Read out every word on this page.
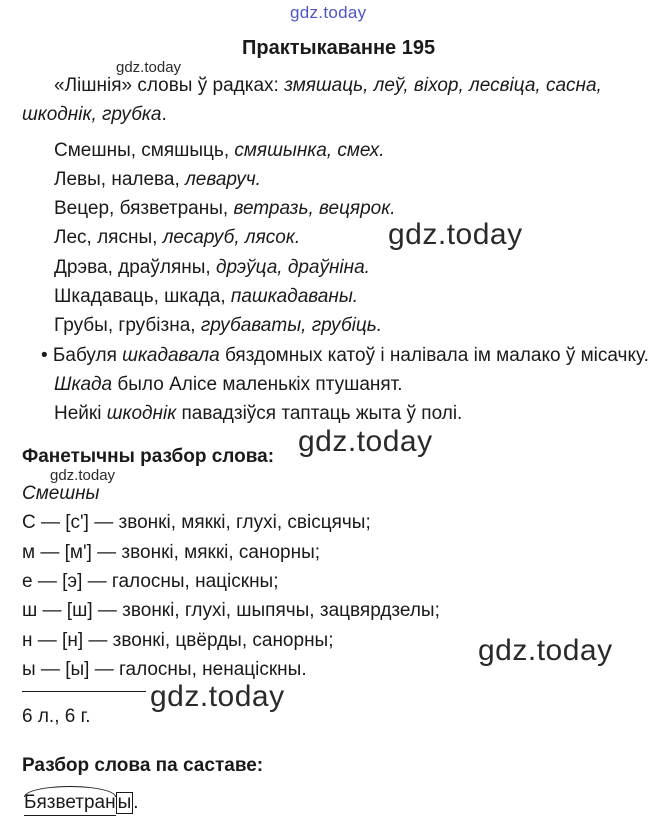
gdz.today
gdz.today
gdz.today
gdz.today
gdz.today
gdz.today
gdz.today
Практыкаванне 195
«Лішнія» словы ў радках: змяшаць, леў, віхор, лесвіца, сасна,
шкоднік, грубка.
Смешны, смяшыць, смяшынка, смех.
Левы, налева, леваруч.
Вецер, бязветраны, ветразь, вецярок.
Лес, лясны, лесаруб, лясок.
Дрэва, драўляны, дрэўца, драўніна.
Шкадаваць, шкада, пашкадаваны.
Грубы, грубізна, грубаваты, грубіць.
• Бабуля шкадавала бяздомных катоў і налівала ім малако ў місачку.
Шкада было Алісе маленькіх птушанят.
Нейкі шкоднік павадзіўся таптаць жыта ў полі.
Фанетычны разбор слова:
Смешны
С — [с'] — звонкі, мяккі, глухі, свісцячы;
м — [м'] — звонкі, мяккі, санорны;
е — [э] — галосны, націскны;
ш — [ш] — звонкі, глухі, шыпячы, зацвярдзелы;
н — [н] — звонкі, цвёрды, санорны;
ы — [ы] — галосны, ненаціскны.
6 л., 6 г.
Разбор слова па саставе:
Бязветран ы .
